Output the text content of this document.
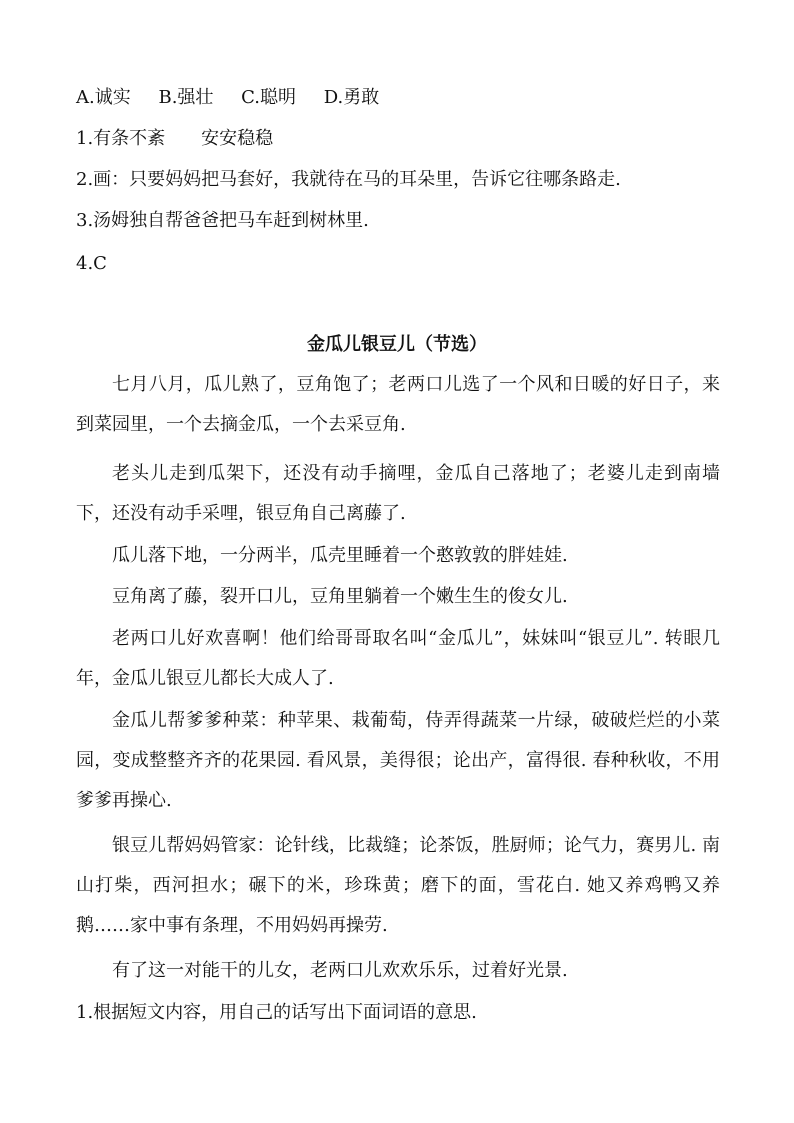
A.诚实 B.强壮 C.聪明 D.勇敢
1.有条不紊　　安安稳稳
2.画：只要妈妈把马套好，我就待在马的耳朵里，告诉它往哪条路走.
3.汤姆独自帮爸爸把马车赶到树林里.
4.C
金瓜儿银豆儿（节选）
七月八月，瓜儿熟了，豆角饱了；老两口儿选了一个风和日暖的好日子，来到菜园里，一个去摘金瓜，一个去采豆角.
老头儿走到瓜架下，还没有动手摘哩，金瓜自己落地了；老婆儿走到南墙下，还没有动手采哩，银豆角自己离藤了.
瓜儿落下地，一分两半，瓜壳里睡着一个憨敦敦的胖娃娃.
豆角离了藤，裂开口儿，豆角里躺着一个嫩生生的俊女儿.
老两口儿好欢喜啊！他们给哥哥取名叫“金瓜儿”，妹妹叫“银豆儿”. 转眼几年，金瓜儿银豆儿都长大成人了.
金瓜儿帮爹爹种菜：种苹果、栽葡萄，侍弄得蔬菜一片绿，破破烂烂的小菜园，变成整整齐齐的花果园. 看风景，美得很；论出产，富得很. 春种秋收，不用爹爹再操心.
银豆儿帮妈妈管家：论针线，比裁缝；论茶饭，胜厨师；论气力，赛男儿. 南山打柴，西河担水；碾下的米，珍珠黄；磨下的面，雪花白. 她又养鸡鸭又养鹅……家中事有条理，不用妈妈再操劳.
有了这一对能干的儿女，老两口儿欢欢乐乐，过着好光景.
1.根据短文内容，用自己的话写出下面词语的意思.
